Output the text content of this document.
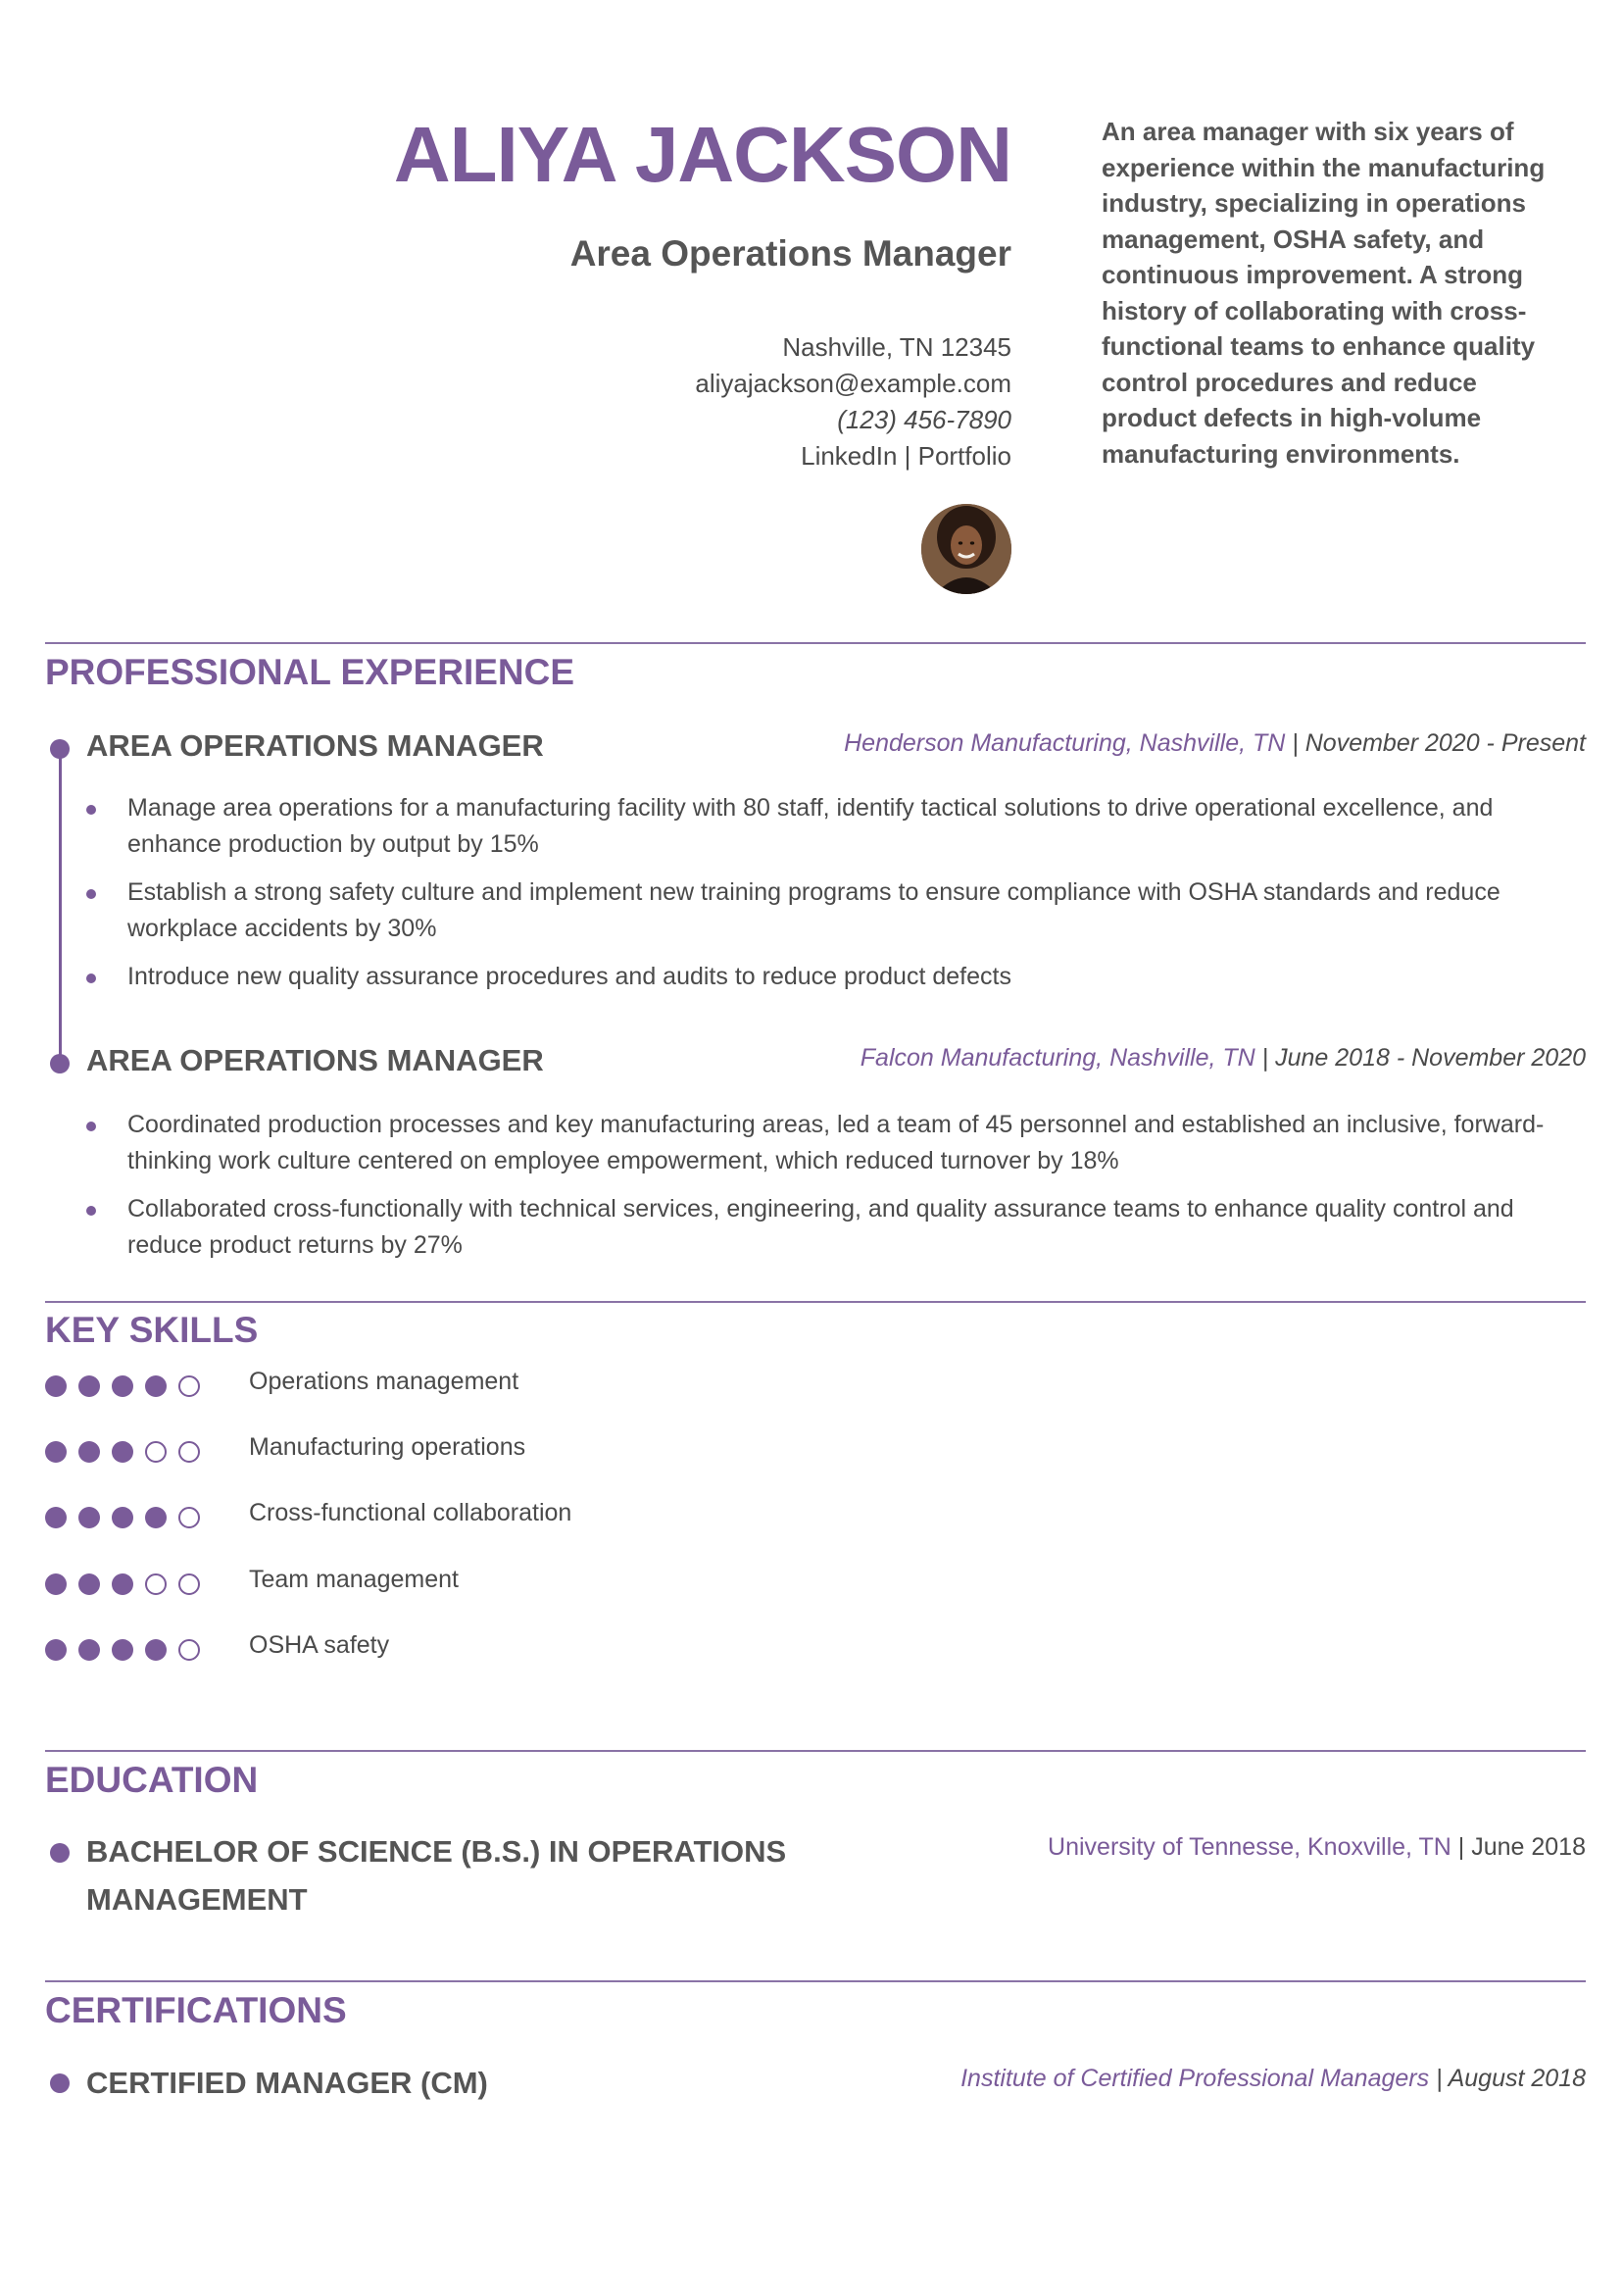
ALIYA JACKSON
Area Operations Manager
Nashville, TN 12345
aliyajackson@example.com
(123) 456-7890
LinkedIn | Portfolio
An area manager with six years of experience within the manufacturing industry, specializing in operations management, OSHA safety, and continuous improvement. A strong history of collaborating with cross-functional teams to enhance quality control procedures and reduce product defects in high-volume manufacturing environments.
PROFESSIONAL EXPERIENCE
AREA OPERATIONS MANAGER	Henderson Manufacturing, Nashville, TN | November 2020 - Present
Manage area operations for a manufacturing facility with 80 staff, identify tactical solutions to drive operational excellence, and enhance production by output by 15%
Establish a strong safety culture and implement new training programs to ensure compliance with OSHA standards and reduce workplace accidents by 30%
Introduce new quality assurance procedures and audits to reduce product defects
AREA OPERATIONS MANAGER	Falcon Manufacturing, Nashville, TN | June 2018 - November 2020
Coordinated production processes and key manufacturing areas, led a team of 45 personnel and established an inclusive, forward-thinking work culture centered on employee empowerment, which reduced turnover by 18%
Collaborated cross-functionally with technical services, engineering, and quality assurance teams to enhance quality control and reduce product returns by 27%
KEY SKILLS
Operations management
Manufacturing operations
Cross-functional collaboration
Team management
OSHA safety
EDUCATION
BACHELOR OF SCIENCE (B.S.) IN OPERATIONS MANAGEMENT
University of Tennesse, Knoxville, TN | June 2018
CERTIFICATIONS
CERTIFIED MANAGER (CM)	Institute of Certified Professional Managers | August 2018
